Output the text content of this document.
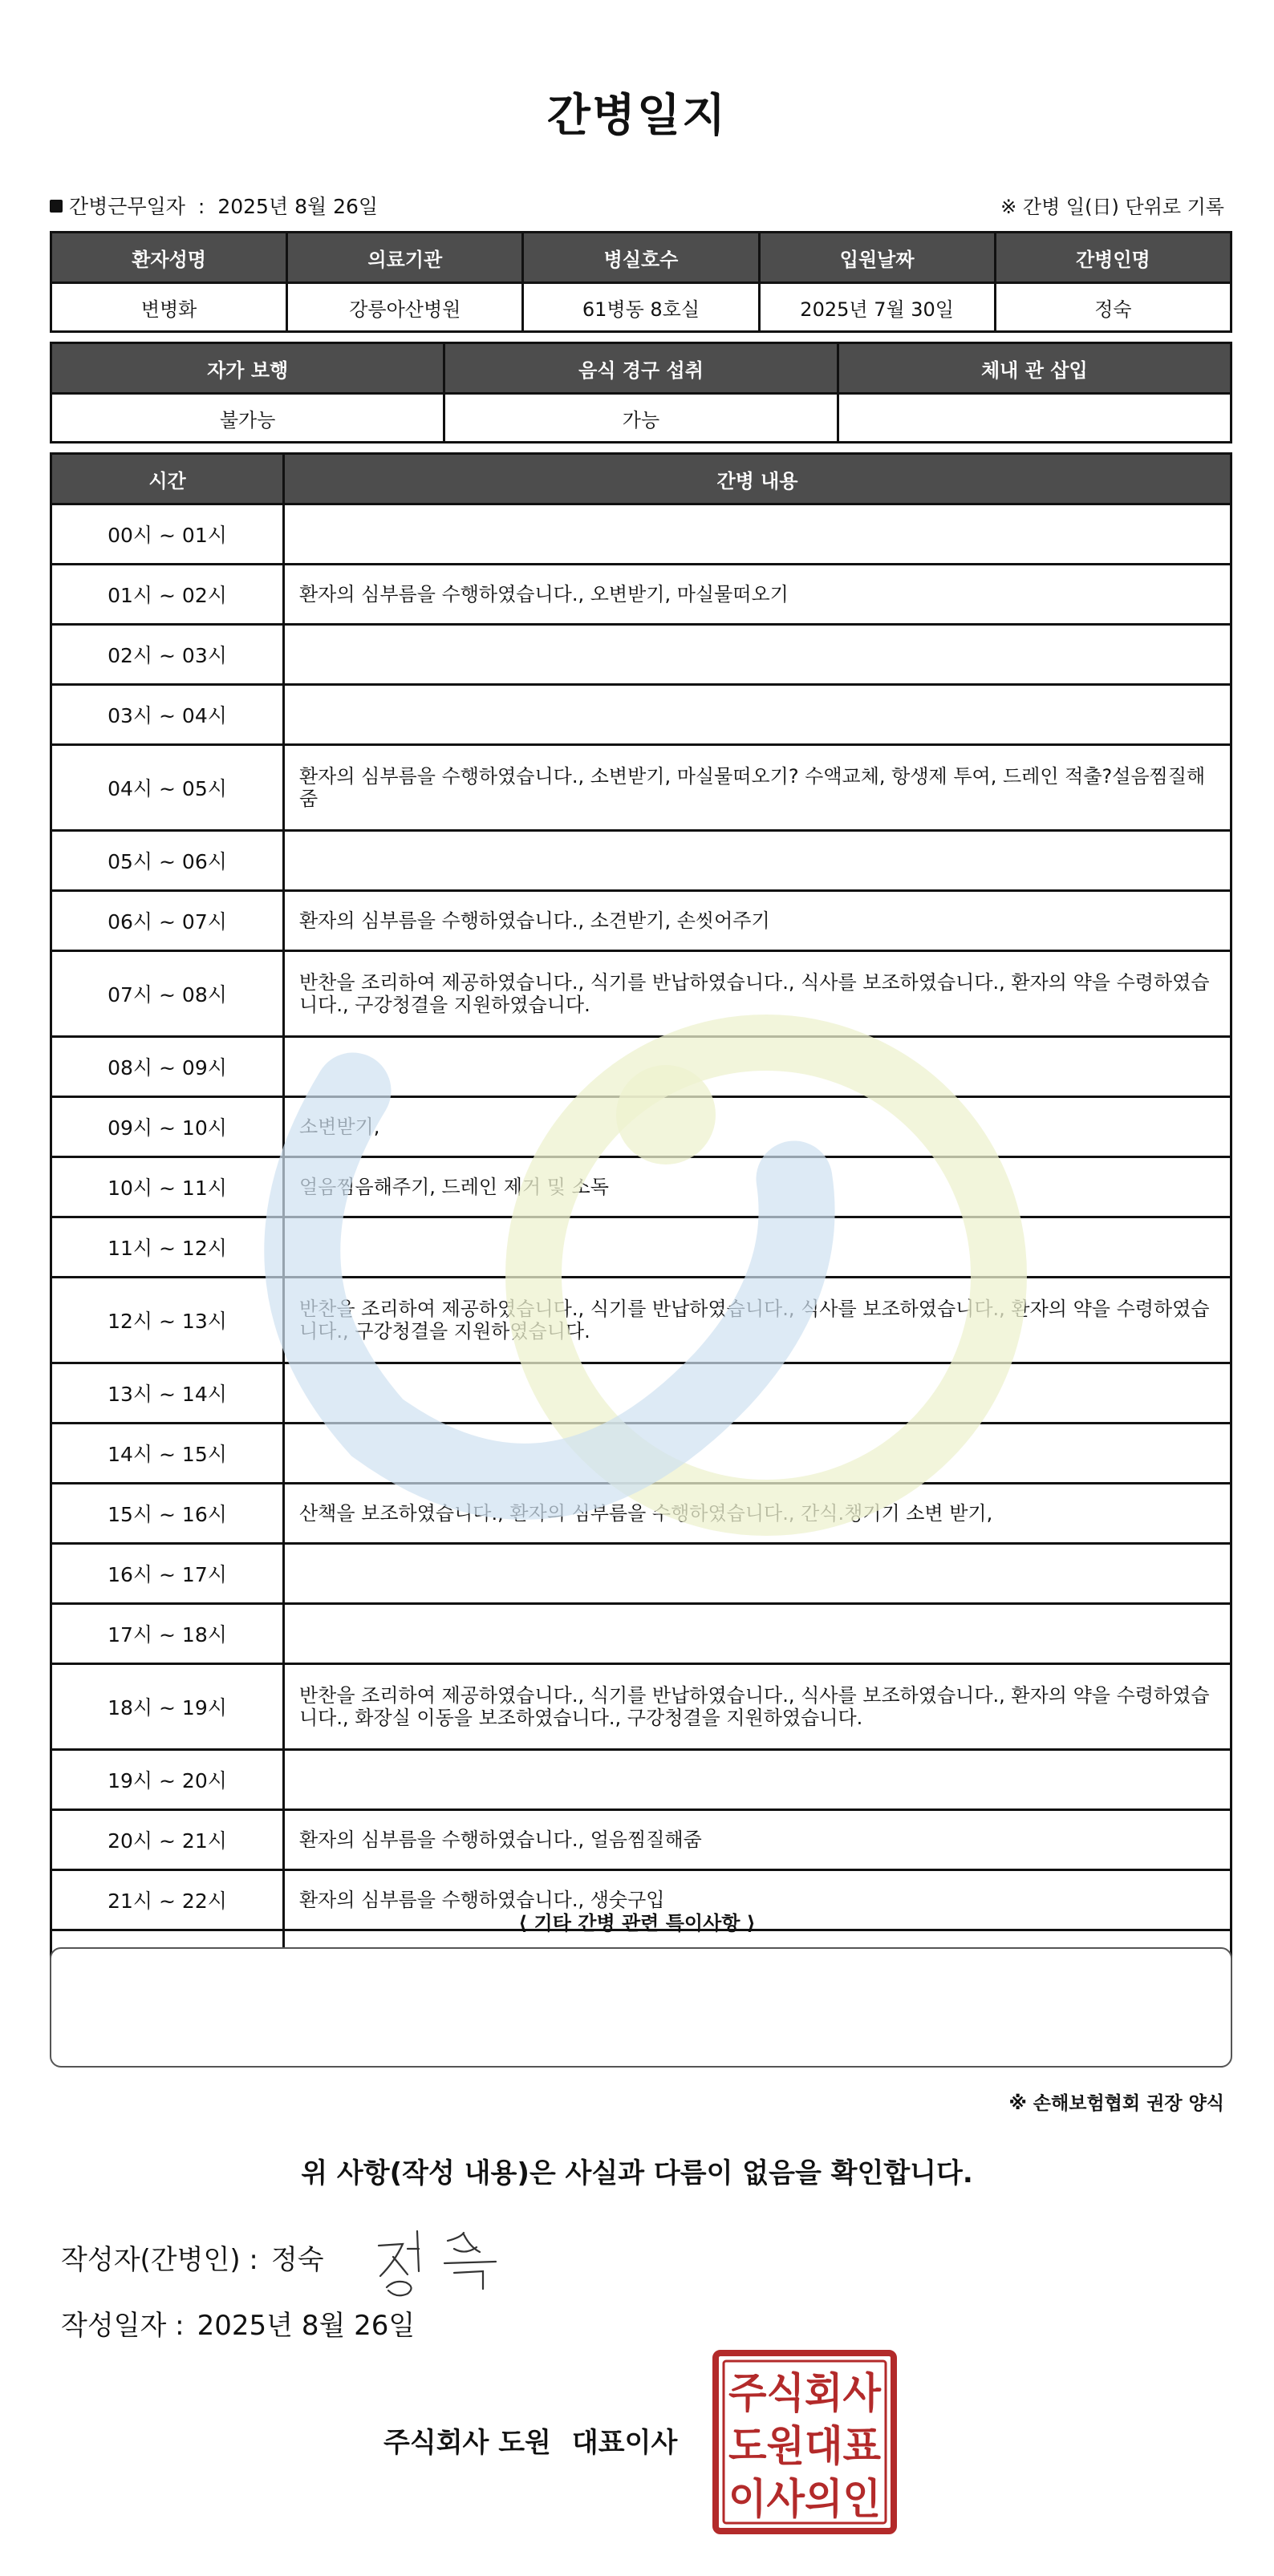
간병일지
간병근무일자 : 2025년 8월 26일	※ 간병 일(日) 단위로 기록
환자성명	의료기관	병실호수	입원날짜	간병인명
변병화	강릉아산병원	61병동 8호실	2025년 7월 30일	정숙
자가 보행	음식 경구 섭취	체내 관 삽입
불가능	가능	
시간	간병 내용
00시 ~ 01시	
01시 ~ 02시	환자의 심부름을 수행하였습니다., 오변받기, 마실물떠오기
02시 ~ 03시	
03시 ~ 04시	
04시 ~ 05시	환자의 심부름을 수행하였습니다., 소변받기, 마실물떠오기? 수액교체, 항생제 투여, 드레인 적출?설음찜질해줌
05시 ~ 06시	
06시 ~ 07시	환자의 심부름을 수행하였습니다., 소견받기, 손씻어주기
07시 ~ 08시	반찬을 조리하여 제공하였습니다., 식기를 반납하였습니다., 식사를 보조하였습니다., 환자의 약을 수령하였습니다., 구강청결을 지원하였습니다.
08시 ~ 09시	
09시 ~ 10시	소변받기,
10시 ~ 11시	얼음찜음해주기, 드레인 제거 및 소독
11시 ~ 12시	
12시 ~ 13시	반찬을 조리하여 제공하였습니다., 식기를 반납하였습니다., 식사를 보조하였습니다., 환자의 약을 수령하였습니다., 구강청결을 지원하였습니다.
13시 ~ 14시	
14시 ~ 15시	
15시 ~ 16시	산책을 보조하였습니다., 환자의 심부름을 수행하였습니다., 간식.챙기기 소변 받기,
16시 ~ 17시	
17시 ~ 18시	
18시 ~ 19시	반찬을 조리하여 제공하였습니다., 식기를 반납하였습니다., 식사를 보조하였습니다., 환자의 약을 수령하였습니다., 화장실 이동을 보조하였습니다., 구강청결을 지원하였습니다.
19시 ~ 20시	
20시 ~ 21시	환자의 심부름을 수행하였습니다., 얼음찜질해줌
21시 ~ 22시	환자의 심부름을 수행하였습니다., 생숫구입

⟨ 기타 간병 관련 특이사항 ⟩
※ 손해보험협회 권장 양식
위 사항(작성 내용)은 사실과 다름이 없음을 확인합니다.
작성자(간병인) : 정숙
작성일자 : 2025년 8월 26일
주식회사 도원 대표이사
주식회사
도원대표
이사의인
